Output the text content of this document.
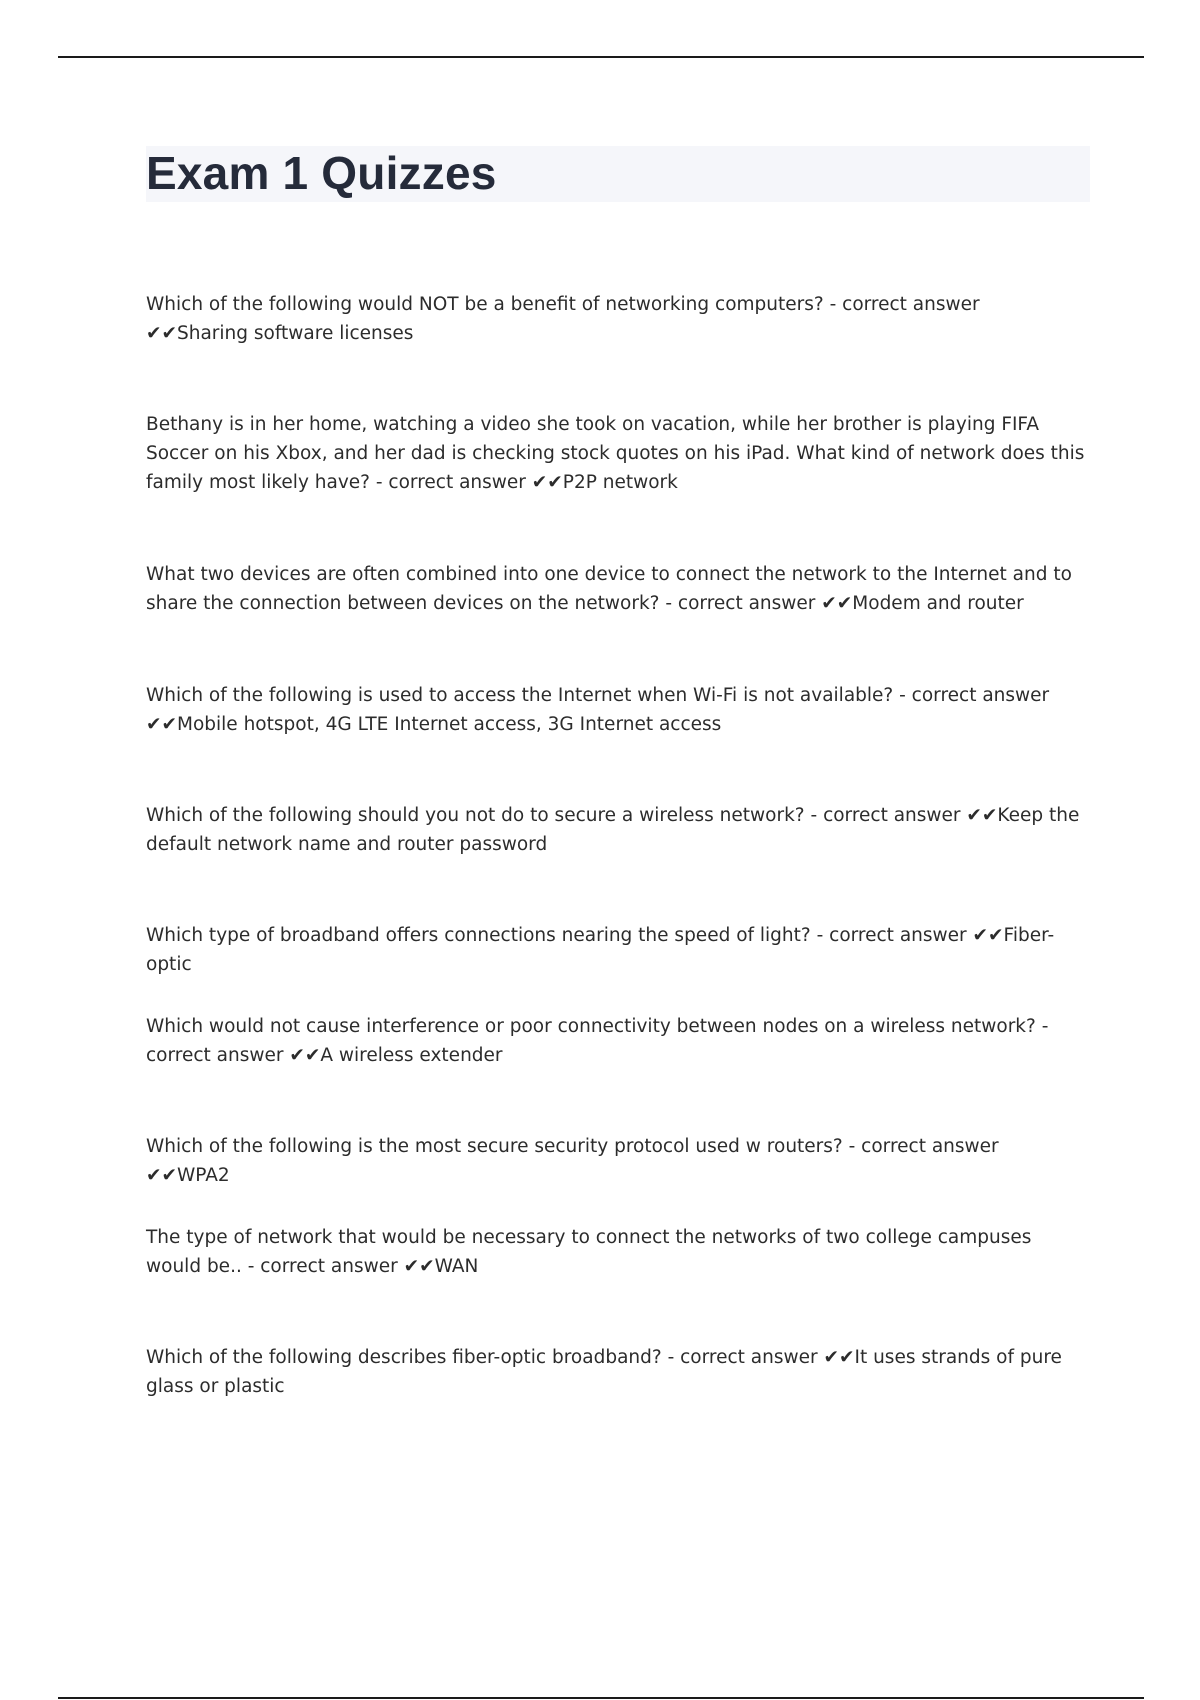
Exam 1 Quizzes

Which of the following would NOT be a benefit of networking computers? - correct answer ✔✔Sharing software licenses

Bethany is in her home, watching a video she took on vacation, while her brother is playing FIFA Soccer on his Xbox, and her dad is checking stock quotes on his iPad. What kind of network does this family most likely have? - correct answer ✔✔P2P network

What two devices are often combined into one device to connect the network to the Internet and to share the connection between devices on the network? - correct answer ✔✔Modem and router

Which of the following is used to access the Internet when Wi-Fi is not available? - correct answer ✔✔Mobile hotspot, 4G LTE Internet access, 3G Internet access

Which of the following should you not do to secure a wireless network? - correct answer ✔✔Keep the default network name and router password

Which type of broadband offers connections nearing the speed of light? - correct answer ✔✔Fiber-optic

Which would not cause interference or poor connectivity between nodes on a wireless network? - correct answer ✔✔A wireless extender

Which of the following is the most secure security protocol used w routers? - correct answer ✔✔WPA2

The type of network that would be necessary to connect the networks of two college campuses would be.. - correct answer ✔✔WAN

Which of the following describes fiber-optic broadband? - correct answer ✔✔It uses strands of pure glass or plastic
